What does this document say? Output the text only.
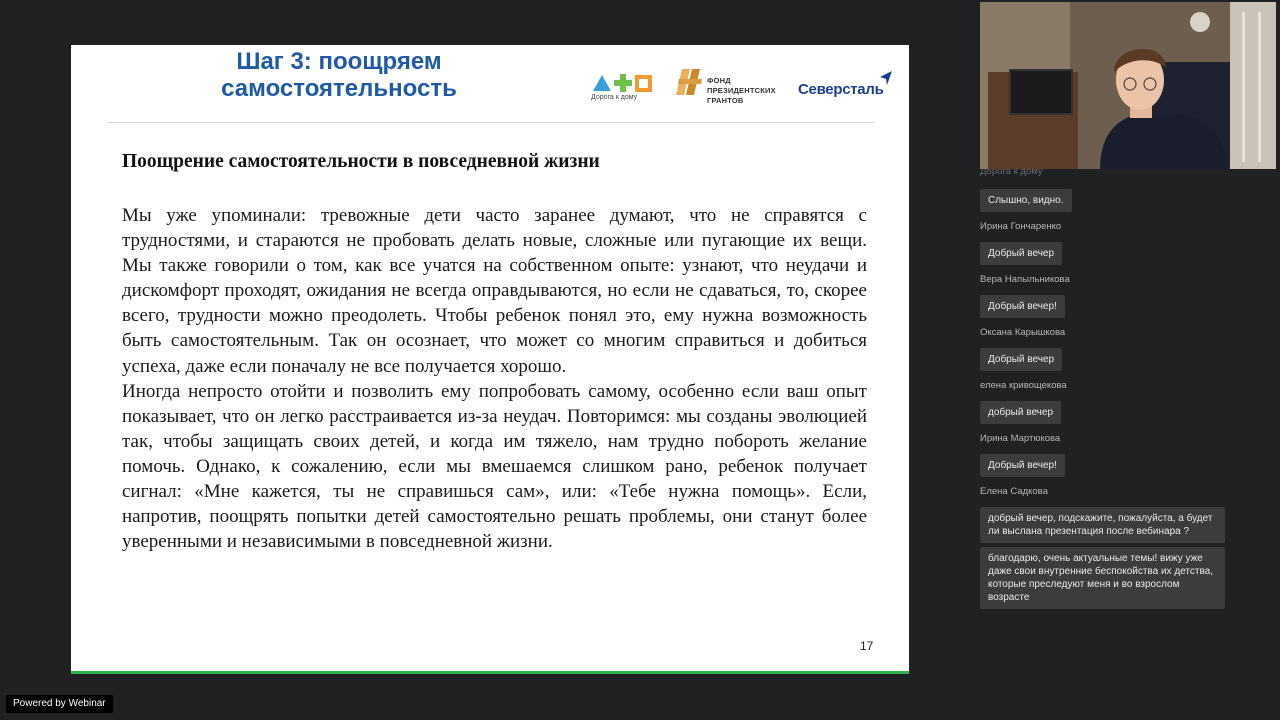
Шаг 3: поощряем
самостоятельность	Дорога к дому
ФОНД
ПРЕЗИДЕНТСКИХ
ГРАНТОВ
Северсталь
Поощрение самостоятельности в повседневной жизни

Мы уже упоминали: тревожные дети часто заранее думают, что не справятся с трудностями, и стараются не пробовать делать новые, сложные или пугающие их вещи. Мы также говорили о том, как все учатся на собственном опыте: узнают, что неудачи и дискомфорт проходят, ожидания не всегда оправдываются, но если не сдаваться, то, скорее всего, трудности можно преодолеть. Чтобы ребенок понял это, ему нужна возможность быть самостоятельным. Так он осознает, что может со многим справиться и добиться успеха, даже если поначалу не все получается хорошо.

Иногда непросто отойти и позволить ему попробовать самому, особенно если ваш опыт показывает, что он легко расстраивается из-за неудач. Повторимся: мы созданы эволюцией так, чтобы защищать своих детей, и когда им тяжело, нам трудно побороть желание помочь. Однако, к сожалению, если мы вмешаемся слишком рано, ребенок получает сигнал: «Мне кажется, ты не справишься сам», или: «Тебе нужна помощь». Если, напротив, поощрять попытки детей самостоятельно решать проблемы, они станут более уверенными и независимыми в повседневной жизни.

17
Дорога к дому
Слышно, видно.
Ирина Гончаренко
Добрый вечер
Вера Напыльникова
Добрый вечер!
Оксана Карышкова
Добрый вечер
елена кривощекова
добрый вечер
Ирина Мартюкова
Добрый вечер!
Елена Садкова
добрый вечер, подскажите, пожалуйста, а будет ли выслана презентация после вебинара ?
благодарю, очень актуальные темы! вижу уже даже свои внутренние беспокойства их детства, которые преследуют меня и во взрослом возрасте
Powered by Webinar
